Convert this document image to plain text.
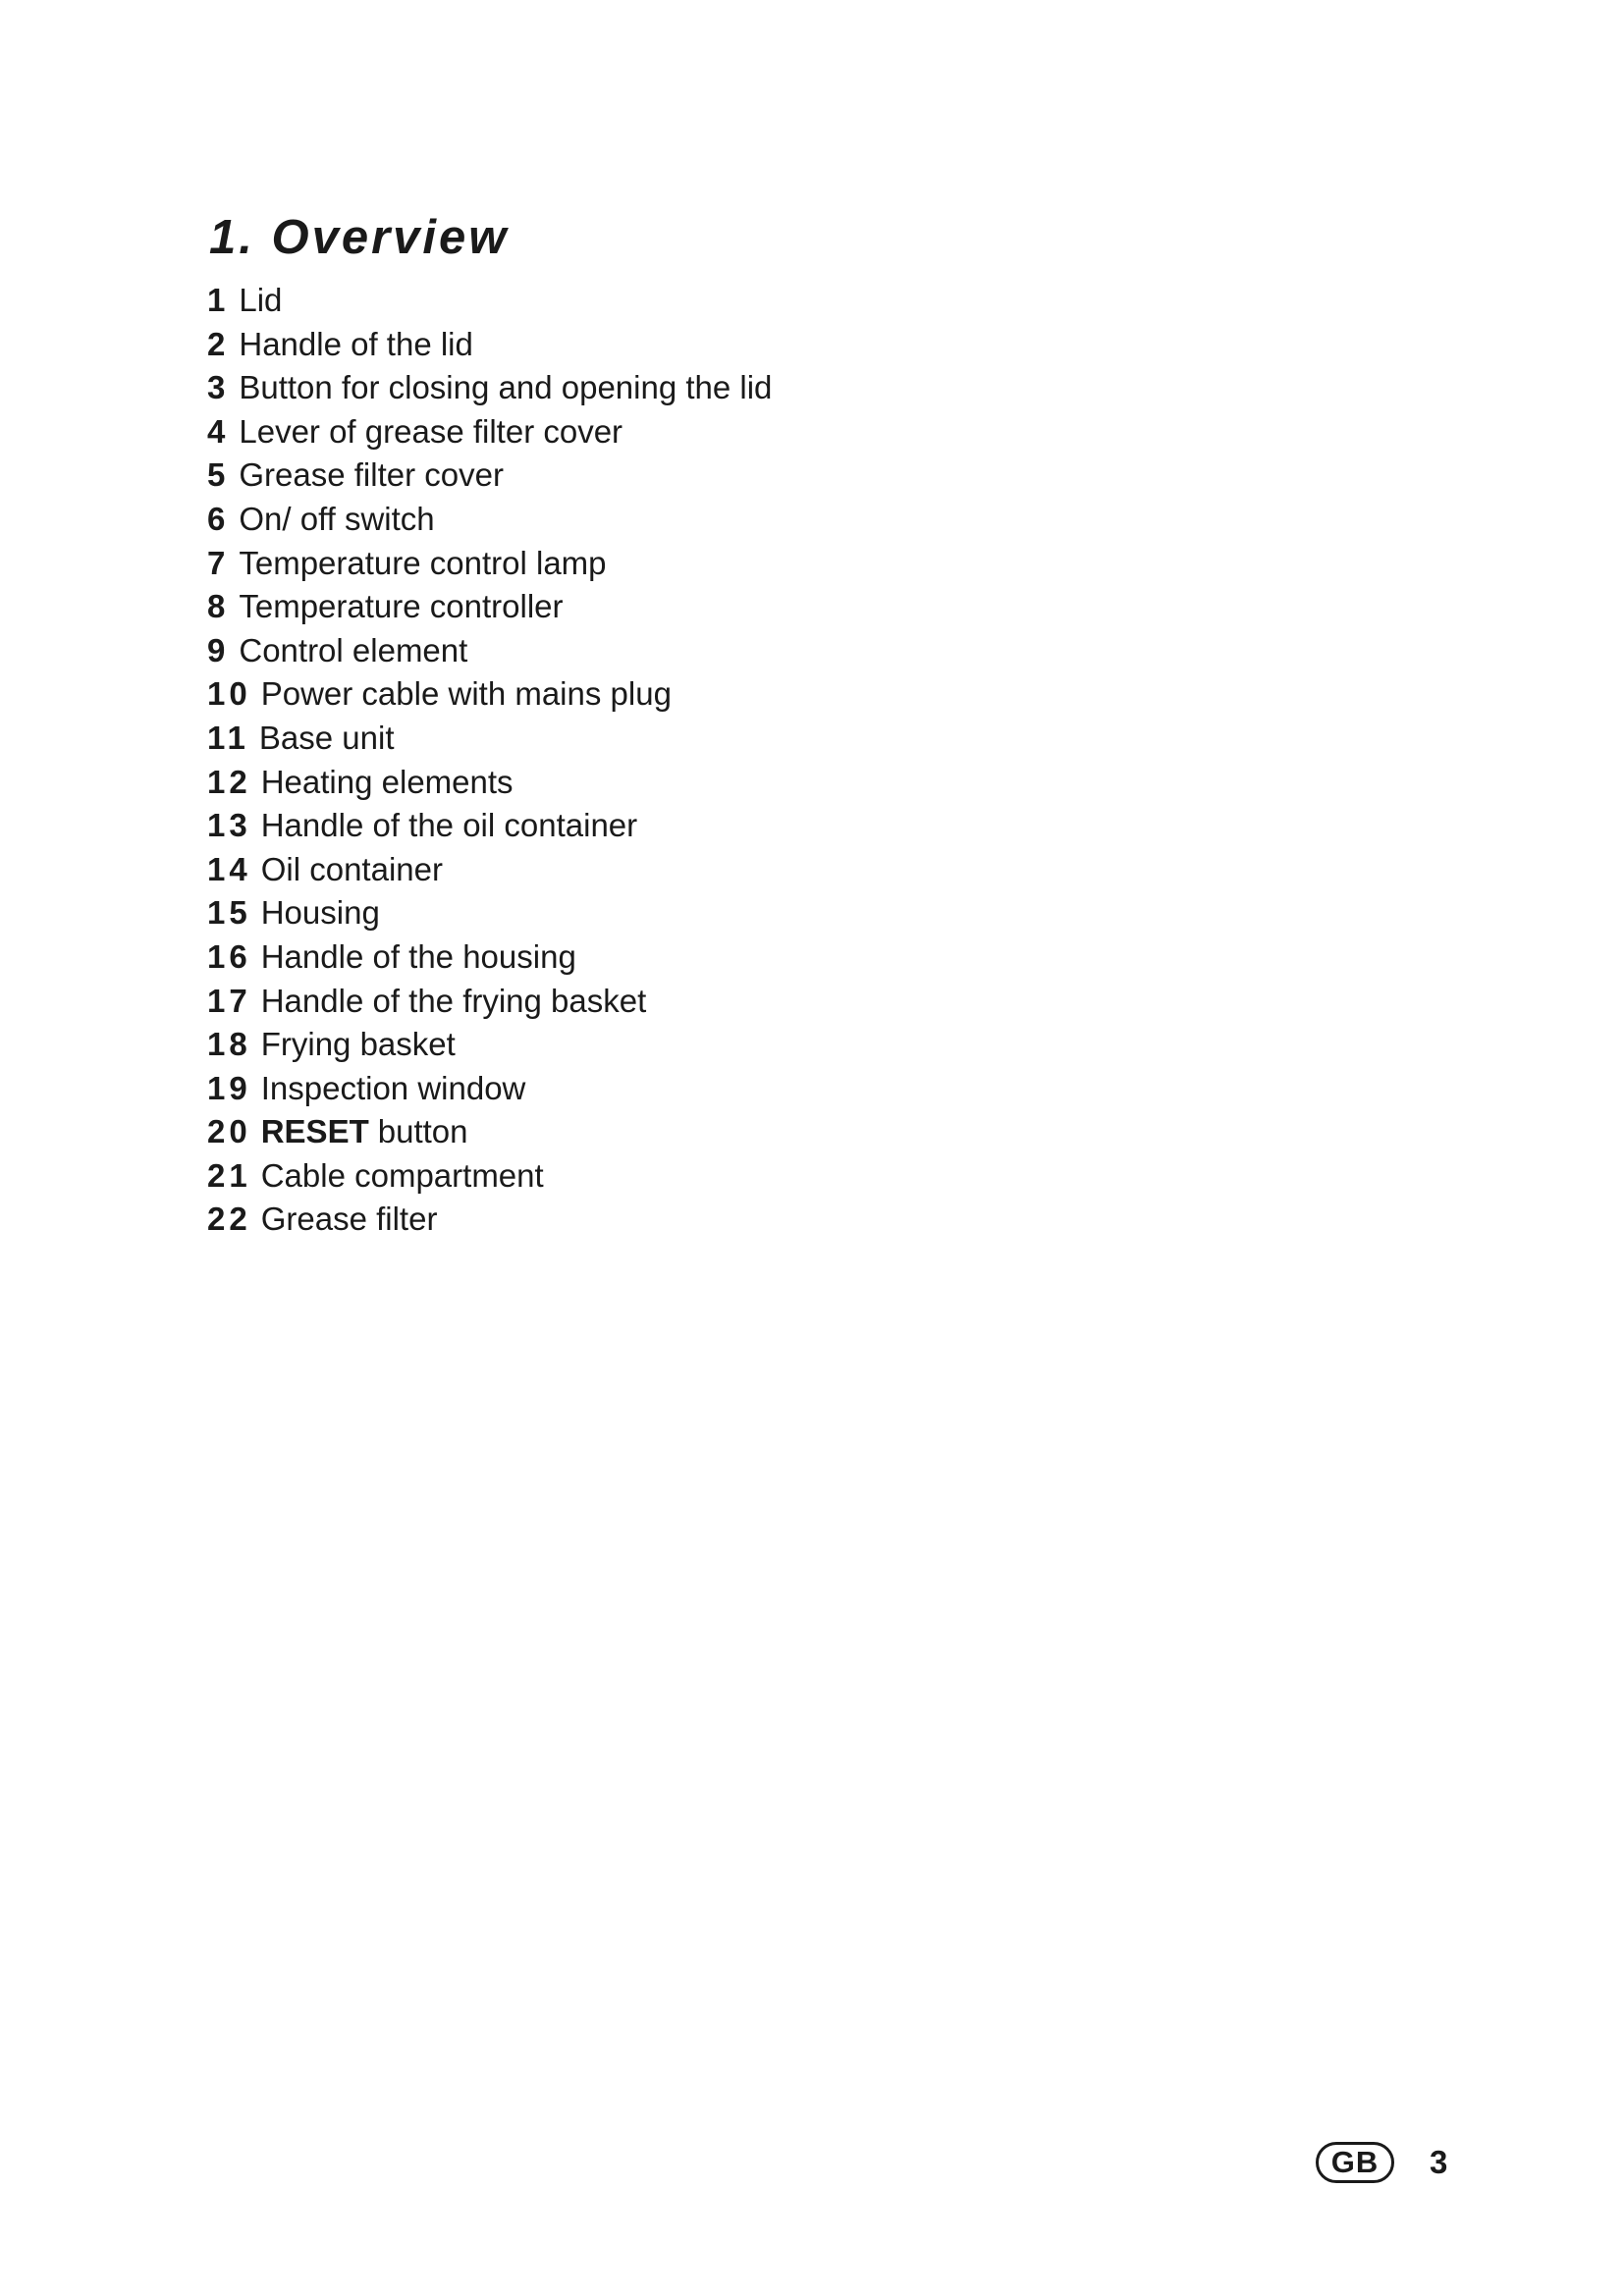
1. Overview
1 Lid
2 Handle of the lid
3 Button for closing and opening the lid
4 Lever of grease filter cover
5 Grease filter cover
6 On/ off switch
7 Temperature control lamp
8 Temperature controller
9 Control element
10 Power cable with mains plug
11 Base unit
12 Heating elements
13 Handle of the oil container
14 Oil container
15 Housing
16 Handle of the housing
17 Handle of the frying basket
18 Frying basket
19 Inspection window
20 RESET button
21 Cable compartment
22 Grease filter
GB	3
